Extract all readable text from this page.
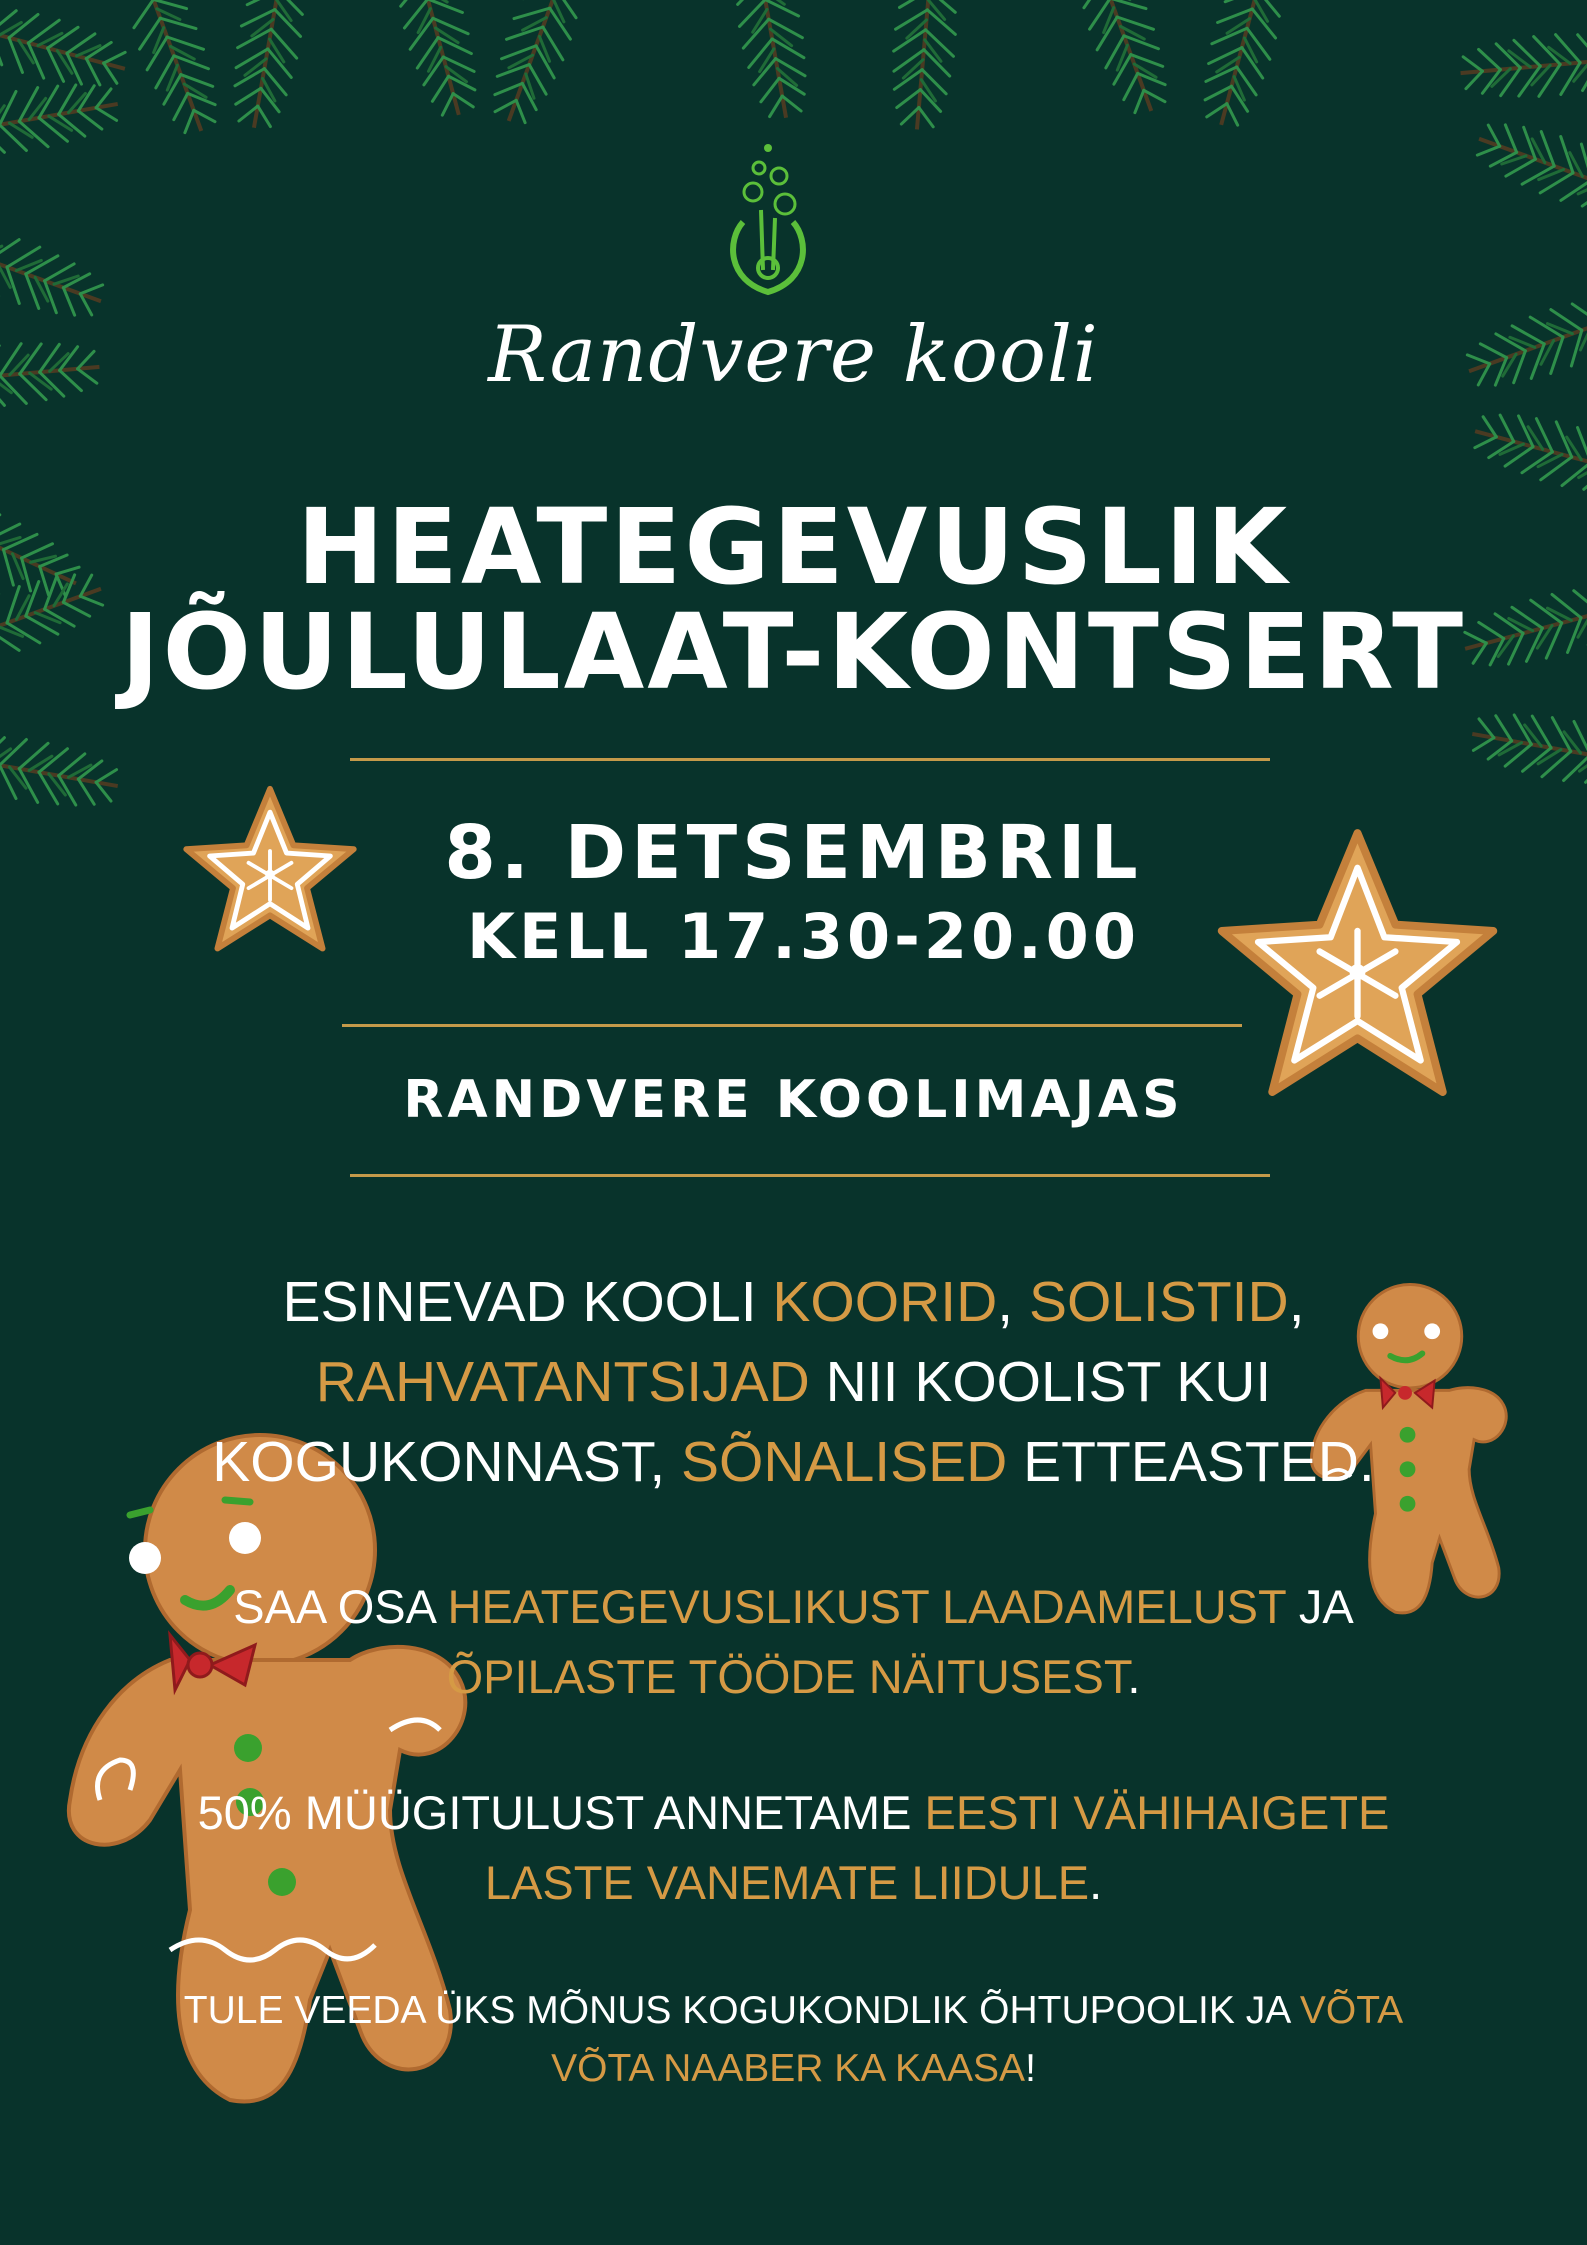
Randvere kooli
HEATEGEVUSLIK
JÕULULAAT-KONTSERT
8. DETSEMBRIL
KELL 17.30-20.00
RANDVERE KOOLIMAJAS
ESINEVAD KOOLI KOORID, SOLISTID, RAHVATANTSIJAD NII KOOLIST KUI KOGUKONNAST, SÕNALISED ETTEASTED.
SAA OSA HEATEGEVUSLIKUST LAADAMELUST JA ÕPILASTE TÖÖDE NÄITUSEST.
50% MÜÜGITULUST ANNETAME EESTI VÄHIHAIGETE LASTE VANEMATE LIIDULE.
TULE VEEDA ÜKS MÕNUS KOGUKONDLIK ÕHTUPOOLIK JA VÕTA VÕTA NAABER KA KAASA!
